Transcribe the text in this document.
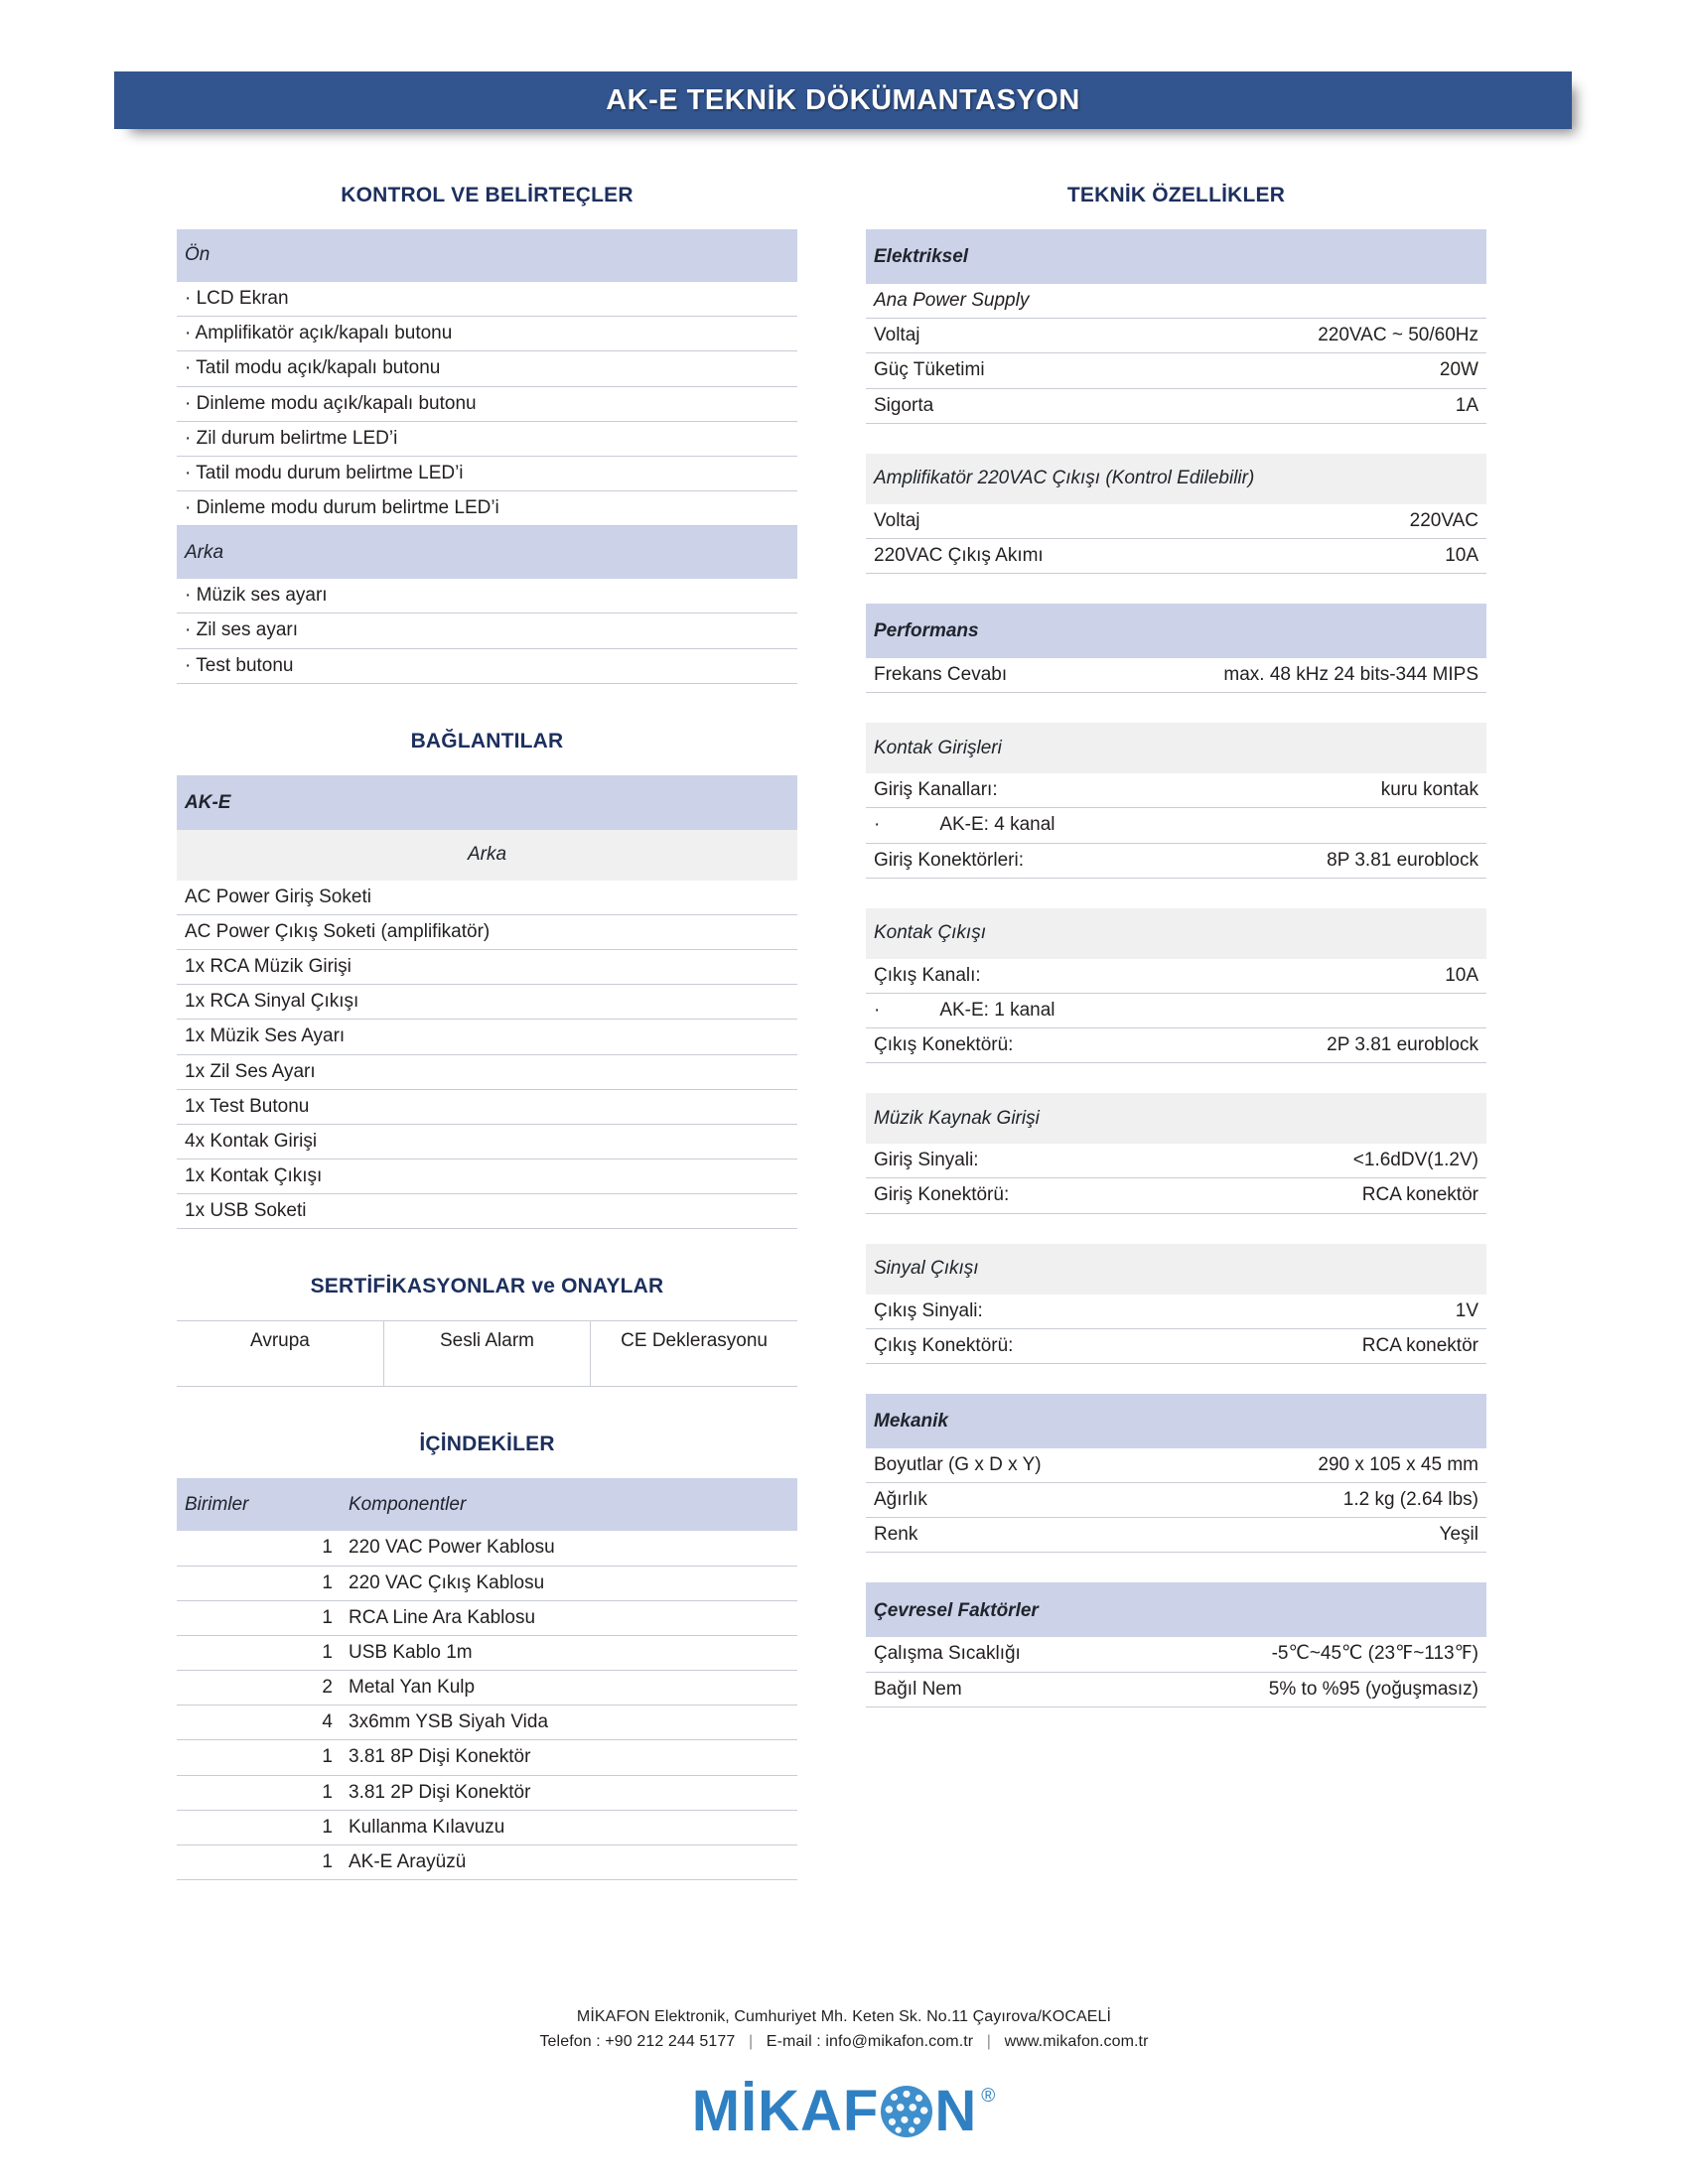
AK-E TEKNİK DÖKÜMANTASYON
KONTROL VE BELİRTEÇLER
Ön
· LCD Ekran
· Amplifikatör açık/kapalı butonu
· Tatil modu açık/kapalı butonu
· Dinleme modu açık/kapalı butonu
· Zil durum belirtme LED’i
· Tatil modu durum belirtme LED’i
· Dinleme modu durum belirtme LED’i
Arka
· Müzik ses ayarı
· Zil ses ayarı
· Test butonu
BAĞLANTILAR
AK-E
Arka
AC Power Giriş Soketi
AC Power Çıkış Soketi (amplifikatör)
1x RCA Müzik Girişi
1x RCA Sinyal Çıkışı
1x Müzik Ses Ayarı
1x Zil Ses Ayarı
1x Test Butonu
4x Kontak Girişi
1x Kontak Çıkışı
1x USB Soketi
SERTİFİKASYONLAR ve ONAYLAR
Avrupa	Sesli Alarm	CE Deklerasyonu
İÇİNDEKİLER
Birimler	Komponentler
1	220 VAC Power Kablosu
1	220 VAC Çıkış Kablosu
1	RCA Line Ara Kablosu
1	USB Kablo 1m
2	Metal Yan Kulp
4	3x6mm YSB Siyah Vida
1	3.81 8P Dişi Konektör
1	3.81 2P Dişi Konektör
1	Kullanma Kılavuzu
1	AK-E Arayüzü
TEKNİK ÖZELLİKLER
Elektriksel	
Ana Power Supply	
Voltaj	220VAC ~ 50/60Hz
Güç Tüketimi	20W
Sigorta	1A

Amplifikatör 220VAC Çıkışı (Kontrol Edilebilir)	
Voltaj	220VAC
220VAC Çıkış Akımı	10A

Performans	
Frekans Cevabı	max. 48 kHz 24 bits-344 MIPS

Kontak Girişleri	
Giriş Kanalları:	kuru kontak
· AK-E: 4 kanal	
Giriş Konektörleri:	8P 3.81 euroblock

Kontak Çıkışı	
Çıkış Kanalı:	10A
· AK-E: 1 kanal	
Çıkış Konektörü:	2P 3.81 euroblock

Müzik Kaynak Girişi	
Giriş Sinyali:	<1.6dDV(1.2V)
Giriş Konektörü:	RCA konektör

Sinyal Çıkışı	
Çıkış Sinyali:	1V
Çıkış Konektörü:	RCA konektör

Mekanik	
Boyutlar (G x D x Y)	290 x 105 x 45 mm
Ağırlık	1.2 kg (2.64 lbs)
Renk	Yeşil

Çevresel Faktörler	
Çalışma Sıcaklığı	-5℃~45℃ (23℉~113℉)
Bağıl Nem	5% to %95 (yoğuşmasız)
MİKAFON Elektronik, Cumhuriyet Mh. Keten Sk. No.11 Çayırova/KOCAELİ
Telefon : +90 212 244 5177 | E-mail : info@mikafon.com.tr | www.mikafon.com.tr
MİKAF N ®
